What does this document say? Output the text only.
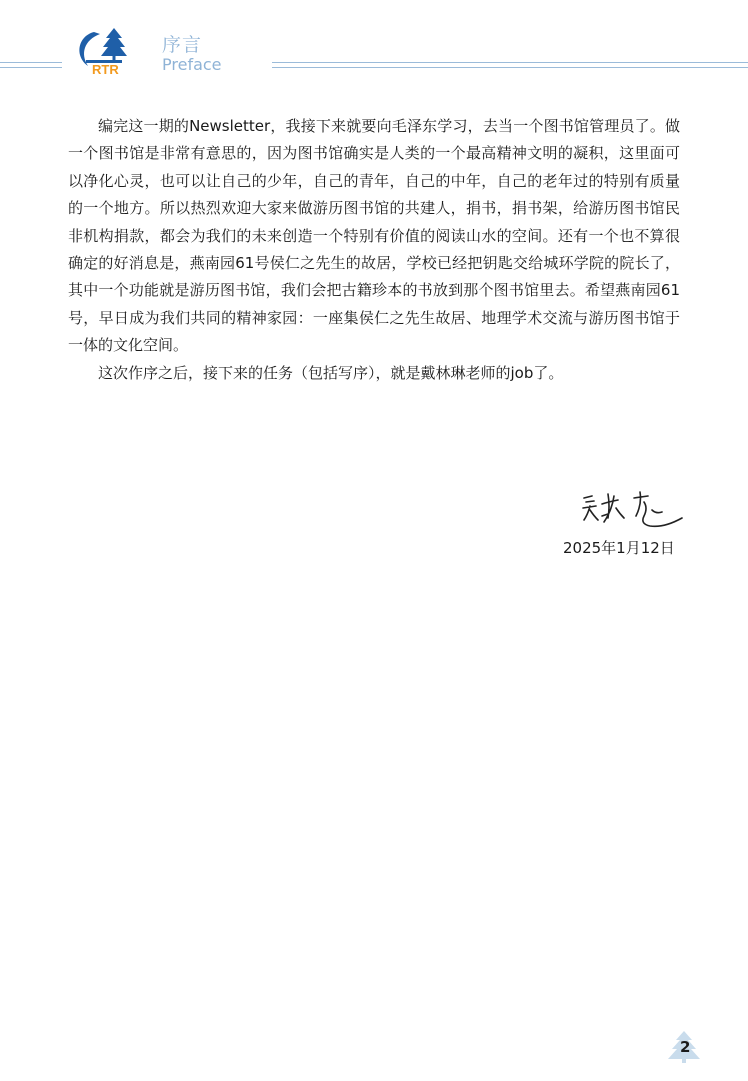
RTR
序言
Preface

编完这一期的Newsletter，我接下来就要向毛泽东学习，去当一个图书馆管理员了。做一个图书馆是非常有意思的，因为图书馆确实是人类的一个最高精神文明的凝积，这里面可以净化心灵，也可以让自己的少年，自己的青年，自己的中年，自己的老年过的特别有质量的一个地方。所以热烈欢迎大家来做游历图书馆的共建人，捐书，捐书架，给游历图书馆民非机构捐款，都会为我们的未来创造一个特别有价值的阅读山水的空间。还有一个也不算很确定的好消息是，燕南园61号侯仁之先生的故居，学校已经把钥匙交给城环学院的院长了，其中一个功能就是游历图书馆，我们会把古籍珍本的书放到那个图书馆里去。希望燕南园61号，早日成为我们共同的精神家园：一座集侯仁之先生故居、地理学术交流与游历图书馆于一体的文化空间。

这次作序之后，接下来的任务（包括写序），就是戴林琳老师的job了。

2025年1月12日
2
